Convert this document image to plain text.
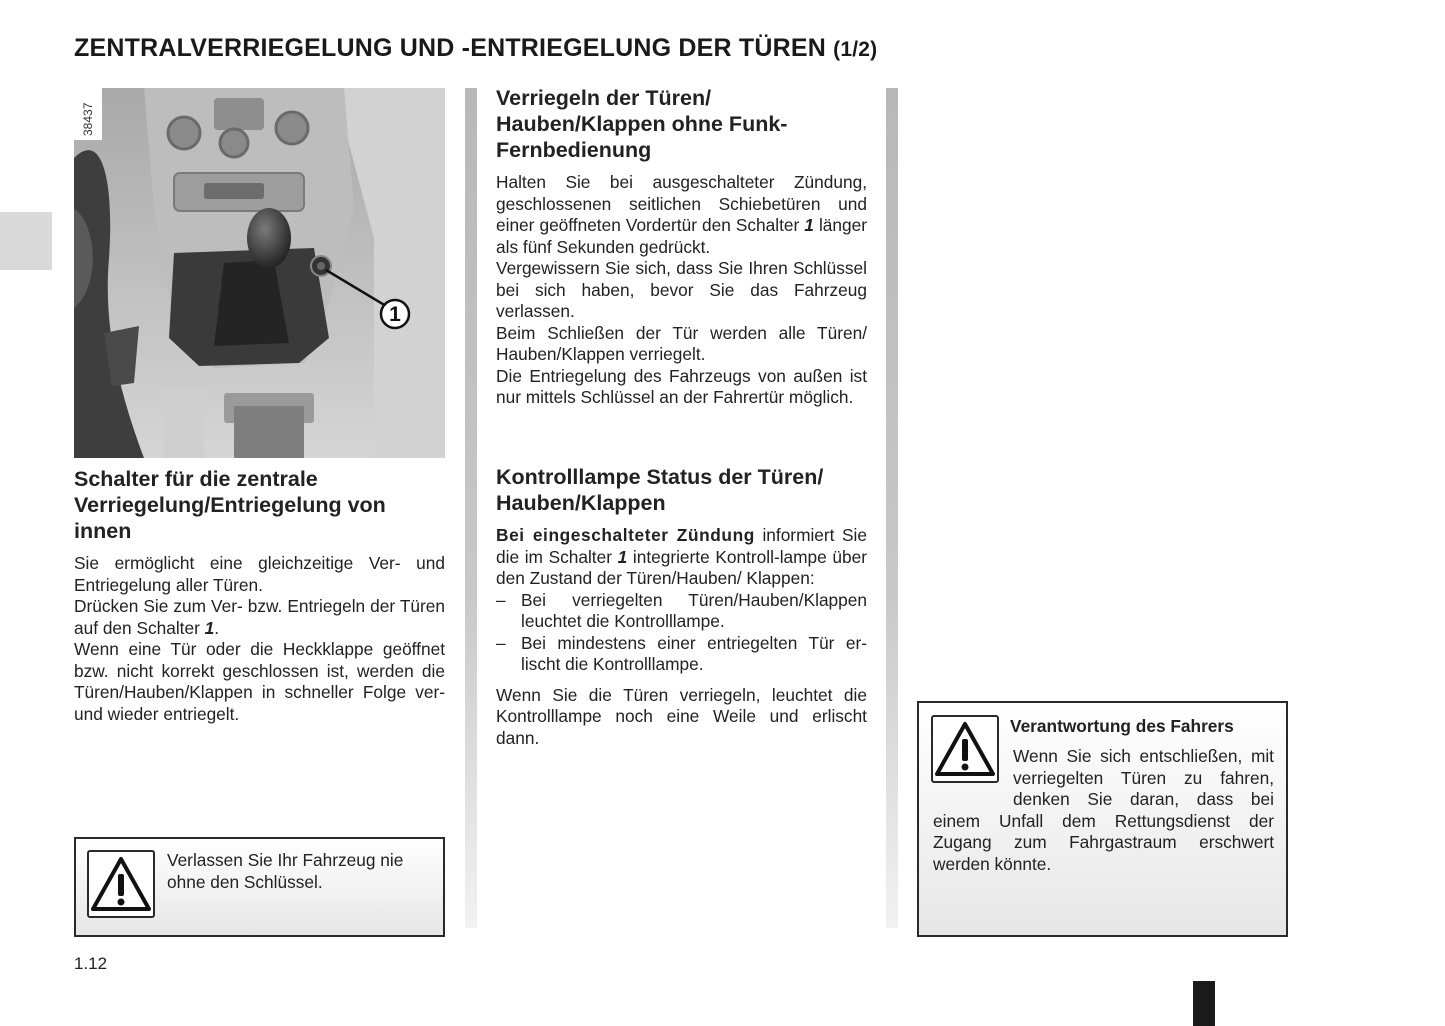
ZENTRALVERRIEGELUNG UND -ENTRIEGELUNG DER TÜREN (1/2)
1
38437
Schalter für die zentrale Verriegelung/Entriegelung von innen

Sie ermöglicht eine gleichzeitige Ver- und Entriegelung aller Türen.

Drücken Sie zum Ver- bzw. Entriegeln der Türen auf den Schalter 1.

Wenn eine Tür oder die Heckklappe geöffnet bzw. nicht korrekt geschlossen ist, werden die Türen/Hauben/Klappen in schneller Folge ver- und wieder entriegelt.

Verlassen Sie Ihr Fahrzeug nie ohne den Schlüssel.

Verriegeln der Türen/ Hauben/Klappen ohne Funk-Fernbedienung

Halten Sie bei ausgeschalteter Zündung, geschlossenen seitlichen Schiebetüren und einer geöffneten Vordertür den Schalter 1 länger als fünf Sekunden gedrückt.

Vergewissern Sie sich, dass Sie Ihren Schlüssel bei sich haben, bevor Sie das Fahrzeug verlassen.

Beim Schließen der Tür werden alle Türen/ Hauben/Klappen verriegelt.

Die Entriegelung des Fahrzeugs von außen ist nur mittels Schlüssel an der Fahrertür möglich.

Kontrolllampe Status der Türen/ Hauben/Klappen

Bei eingeschalteter Zündung informiert Sie die im Schalter 1 integrierte Kontroll-lampe über den Zustand der Türen/Hauben/ Klappen:

– Bei verriegelten Türen/Hauben/Klappen leuchtet die Kontrolllampe.
– Bei mindestens einer entriegelten Tür er-lischt die Kontrolllampe.

Wenn Sie die Türen verriegeln, leuchtet die Kontrolllampe noch eine Weile und erlischt dann.

Verantwortung des Fahrers

Wenn Sie sich entschließen, mit verriegelten Türen zu fahren, denken Sie daran, dass bei einem Unfall dem Rettungsdienst der Zugang zum Fahrgastraum erschwert werden könnte.
1.12
